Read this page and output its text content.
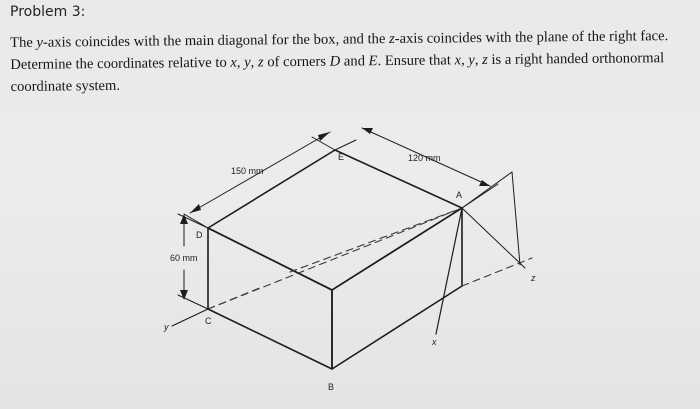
Problem 3:

The y-axis coincides with the main diagonal for the box, and the z-axis coincides with the plane of the right face. Determine the coordinates relative to x, y, z of corners D and E. Ensure that x, y, z is a right handed orthonormal coordinate system.

150 mm
120 mm
60 mm
E
A
D
C
B
x
y
z
